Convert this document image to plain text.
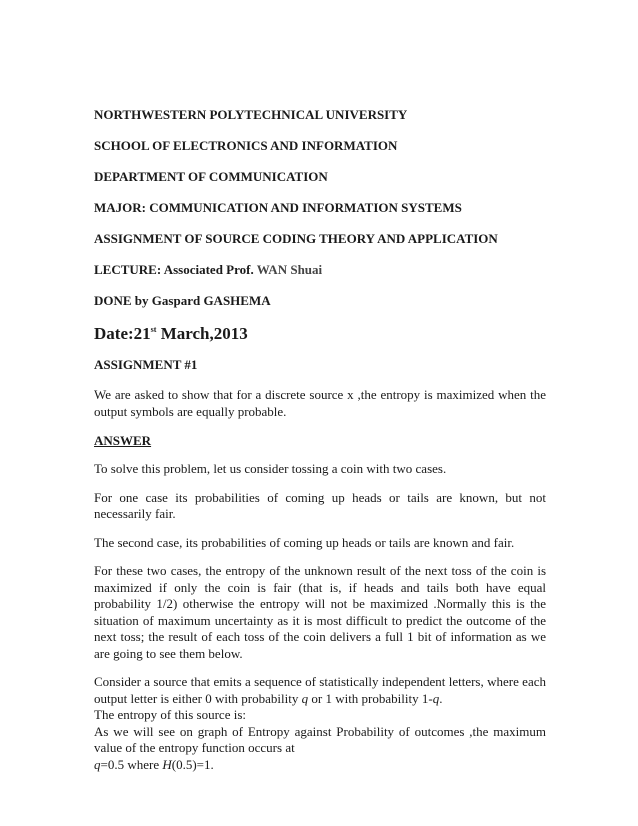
NORTHWESTERN POLYTECHNICAL UNIVERSITY
SCHOOL OF ELECTRONICS AND INFORMATION
DEPARTMENT OF COMMUNICATION
MAJOR: COMMUNICATION AND INFORMATION SYSTEMS
ASSIGNMENT OF SOURCE CODING THEORY AND APPLICATION
LECTURE: Associated Prof. WAN Shuai
DONE by Gaspard GASHEMA
Date:21st March,2013
ASSIGNMENT #1

We are asked to show that for a discrete source x ,the entropy is maximized when the output symbols are equally probable.

ANSWER

To solve this problem, let us consider tossing a coin with two cases.

For one case its probabilities of coming up heads or tails are known, but not necessarily fair.

The second case, its probabilities of coming up heads or tails are known and fair.

For these two cases, the entropy of the unknown result of the next toss of the coin is maximized if only the coin is fair (that is, if heads and tails both have equal probability 1/2) otherwise the entropy will not be maximized .Normally this is the situation of maximum uncertainty as it is most difficult to predict the outcome of the next toss; the result of each toss of the coin delivers a full 1 bit of information as we are going to see them below.

Consider a source that emits a sequence of statistically independent letters, where each output letter is either 0 with probability q or 1 with probability 1-q.

The entropy of this source is:

As we will see on graph of Entropy against Probability of outcomes ,the maximum value of the entropy function occurs at

q=0.5 where H(0.5)=1.
